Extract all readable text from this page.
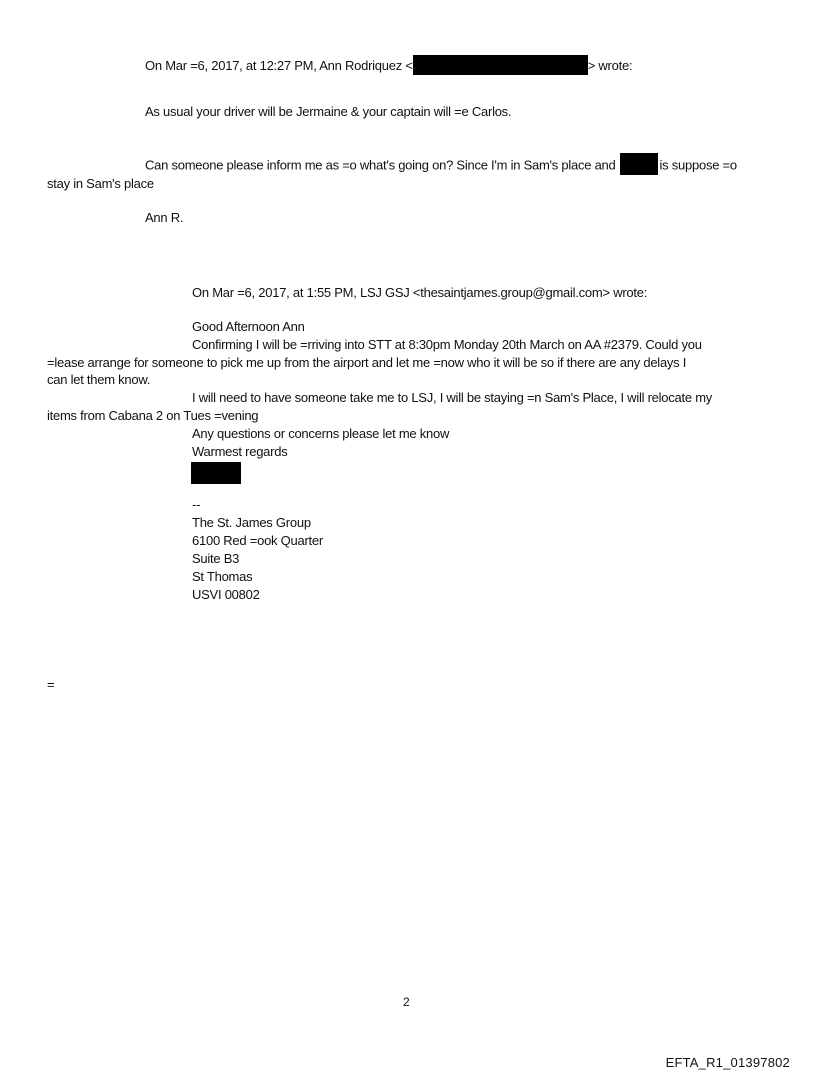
On Mar =6, 2017, at 12:27 PM, Ann Rodriquez <	> wrote:
As usual your driver will be Jermaine & your captain will =e Carlos.
Can someone please inform me as =o what's going on? Since I'm in Sam's place and	is suppose =o
stay in Sam's place
Ann R.
On Mar =6, 2017, at 1:55 PM, LSJ GSJ <thesaintjames.group@gmail.com> wrote:
Good Afternoon Ann
Confirming I will be =rriving into STT at 8:30pm Monday 20th March on AA #2379. Could you
=lease arrange for someone to pick me up from the airport and let me =now who it will be so if there are any delays I
can let them know.
I will need to have someone take me to LSJ, I will be staying =n Sam's Place, I will relocate my
items from Cabana 2 on Tues =vening
Any questions or concerns please let me know
Warmest regards
--
The St. James Group
6100 Red =ook Quarter
Suite B3
St Thomas
USVI 00802
=
2
EFTA_R1_01397802
